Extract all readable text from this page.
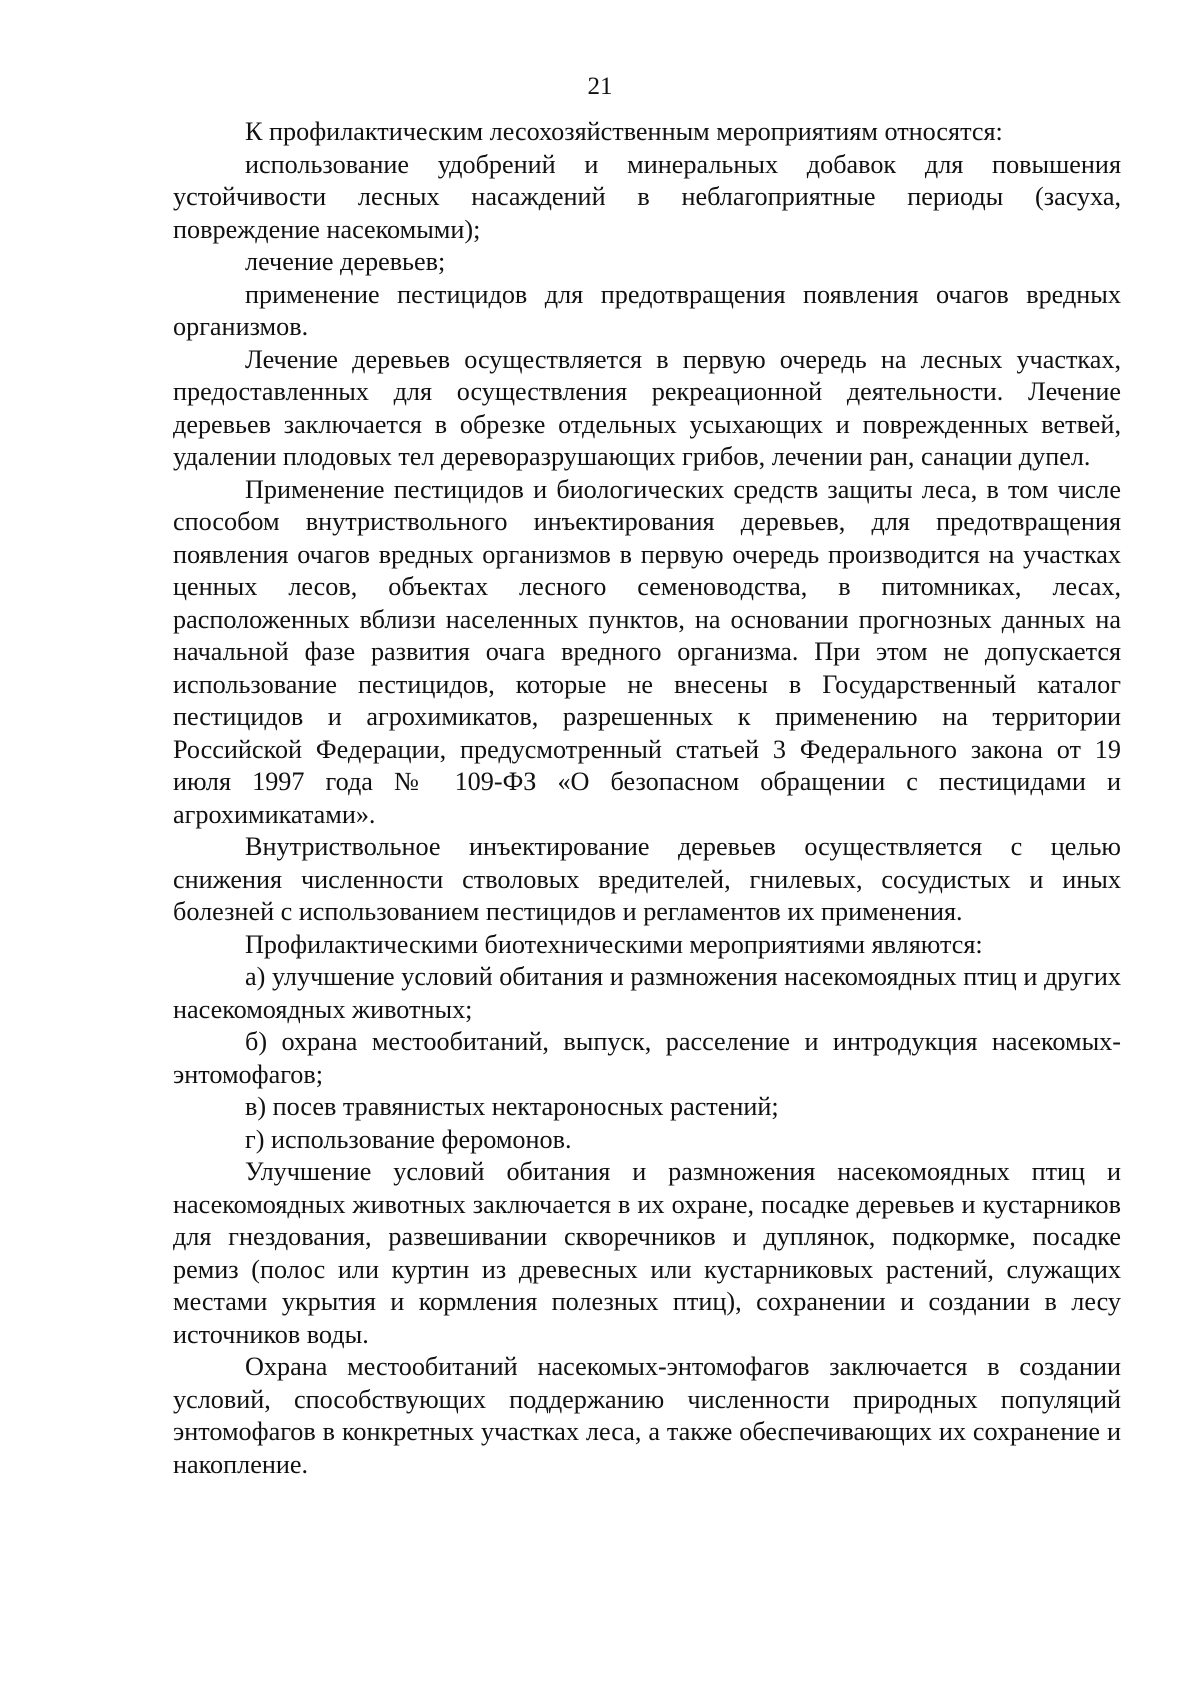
21

К профилактическим лесохозяйственным мероприятиям относятся:

использование удобрений и минеральных добавок для повышения устойчивости лесных насаждений в неблагоприятные периоды (засуха, повреждение насекомыми);

лечение деревьев;

применение пестицидов для предотвращения появления очагов вредных организмов.

Лечение деревьев осуществляется в первую очередь на лесных участках, предоставленных для осуществления рекреационной деятельности. Лечение деревьев заключается в обрезке отдельных усыхающих и поврежденных ветвей, удалении плодовых тел дереворазрушающих грибов, лечении ран, санации дупел.

Применение пестицидов и биологических средств защиты леса, в том числе способом внутриствольного инъектирования деревьев, для предотвращения появления очагов вредных организмов в первую очередь производится на участках ценных лесов, объектах лесного семеноводства, в питомниках, лесах, расположенных вблизи населенных пунктов, на основании прогнозных данных на начальной фазе развития очага вредного организма. При этом не допускается использование пестицидов, которые не внесены в Государственный каталог пестицидов и агрохимикатов, разрешенных к применению на территории Российской Федерации, предусмотренный статьей 3 Федерального закона от 19 июля 1997 года № 109-ФЗ «О безопасном обращении с пестицидами и агрохимикатами».

Внутриствольное инъектирование деревьев осуществляется с целью снижения численности стволовых вредителей, гнилевых, сосудистых и иных болезней с использованием пестицидов и регламентов их применения.

Профилактическими биотехническими мероприятиями являются:

а) улучшение условий обитания и размножения насекомоядных птиц и других насекомоядных животных;

б) охрана местообитаний, выпуск, расселение и интродукция насекомых-энтомофагов;

в) посев травянистых нектароносных растений;

г) использование феромонов.

Улучшение условий обитания и размножения насекомоядных птиц и насекомоядных животных заключается в их охране, посадке деревьев и кустарников для гнездования, развешивании скворечников и дуплянок, подкормке, посадке ремиз (полос или куртин из древесных или кустарниковых растений, служащих местами укрытия и кормления полезных птиц), сохранении и создании в лесу источников воды.

Охрана местообитаний насекомых-энтомофагов заключается в создании условий, способствующих поддержанию численности природных популяций энтомофагов в конкретных участках леса, а также обеспечивающих их сохранение и накопление.
